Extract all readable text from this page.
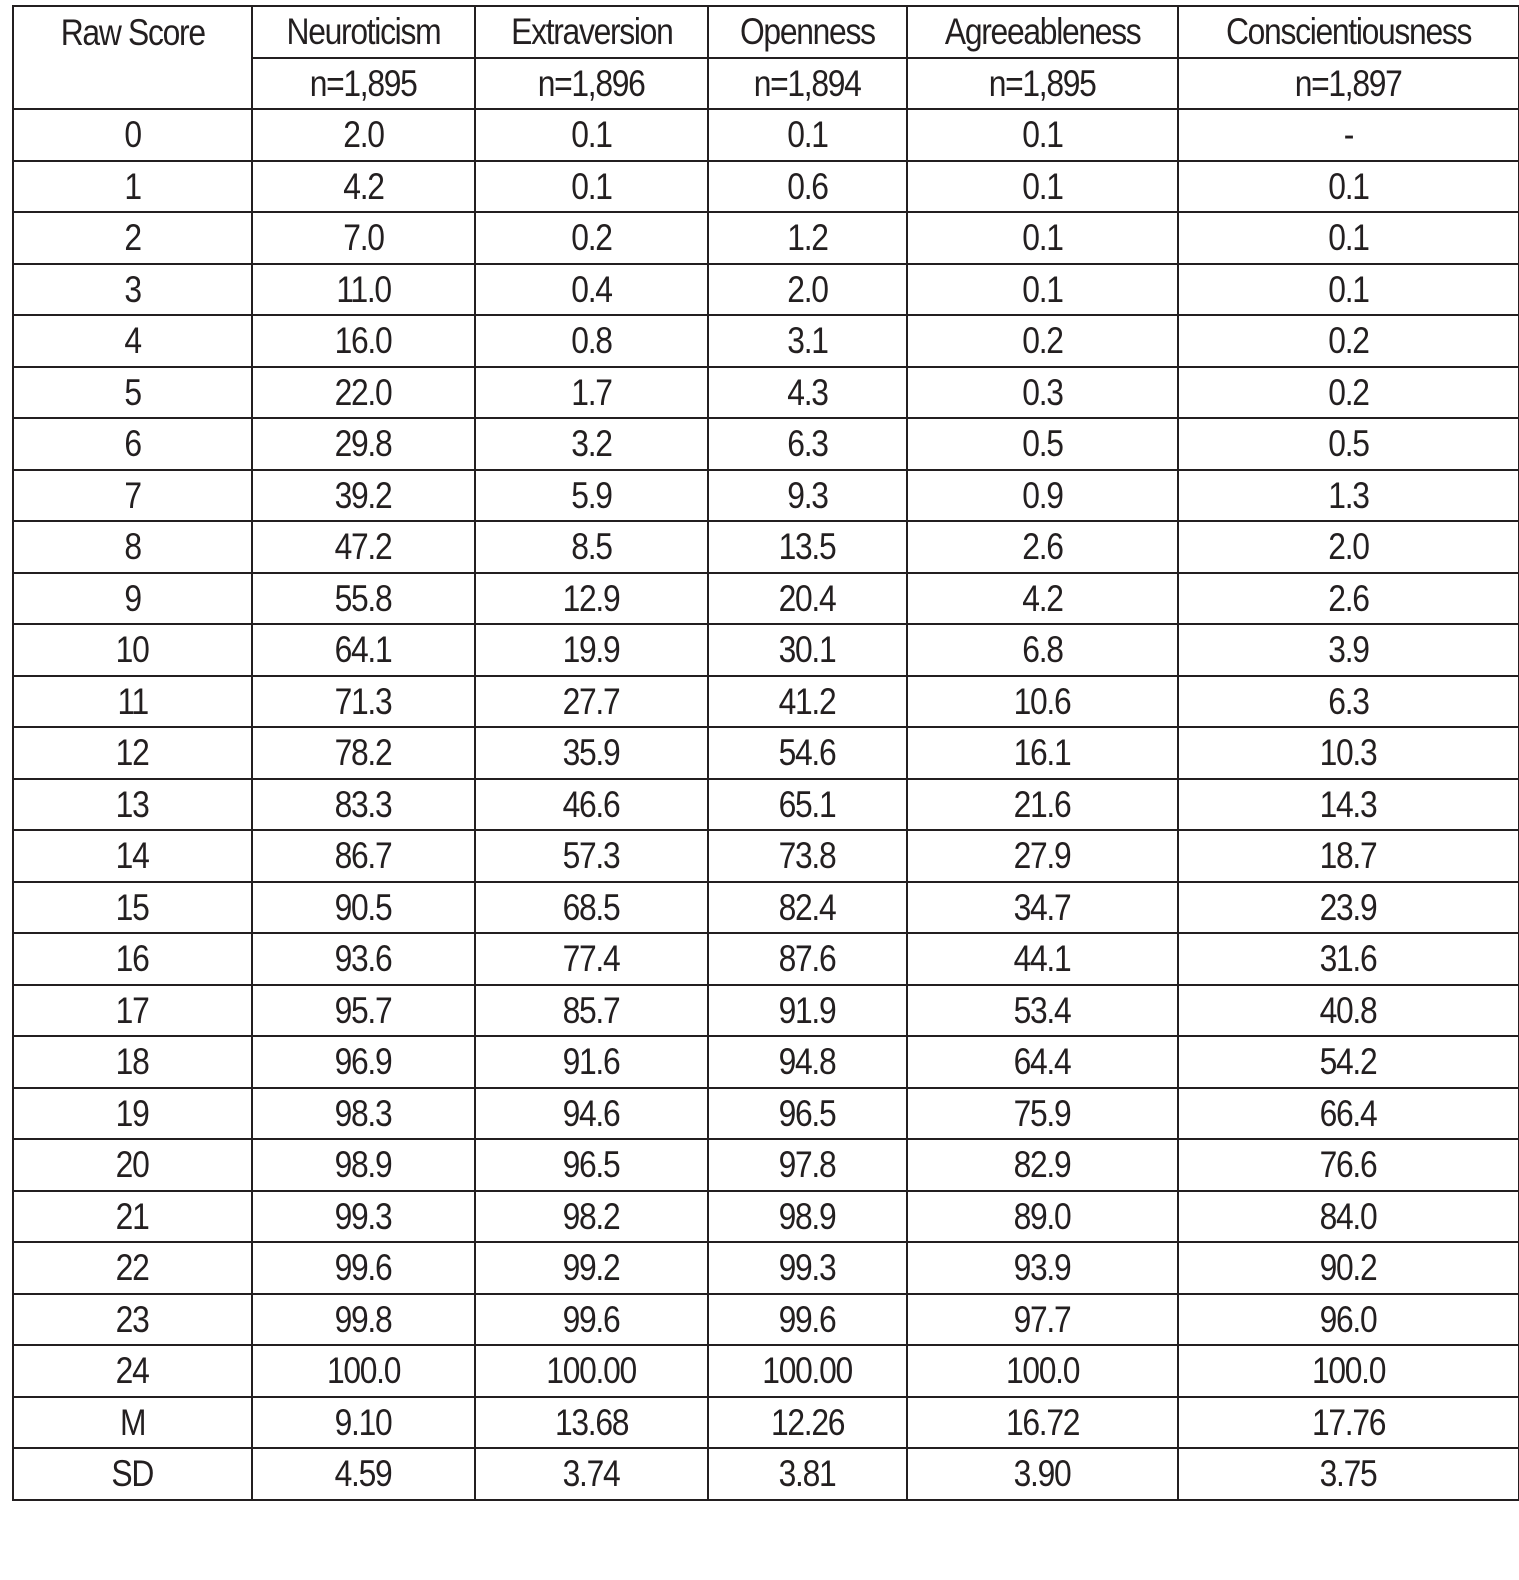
Raw Score	Neuroticism	Extraversion	Openness	Agreeableness	Conscientiousness
	n=1,895	n=1,896	n=1,894	n=1,895	n=1,897
0	2.0	0.1	0.1	0.1	-
1	4.2	0.1	0.6	0.1	0.1
2	7.0	0.2	1.2	0.1	0.1
3	11.0	0.4	2.0	0.1	0.1
4	16.0	0.8	3.1	0.2	0.2
5	22.0	1.7	4.3	0.3	0.2
6	29.8	3.2	6.3	0.5	0.5
7	39.2	5.9	9.3	0.9	1.3
8	47.2	8.5	13.5	2.6	2.0
9	55.8	12.9	20.4	4.2	2.6
10	64.1	19.9	30.1	6.8	3.9
11	71.3	27.7	41.2	10.6	6.3
12	78.2	35.9	54.6	16.1	10.3
13	83.3	46.6	65.1	21.6	14.3
14	86.7	57.3	73.8	27.9	18.7
15	90.5	68.5	82.4	34.7	23.9
16	93.6	77.4	87.6	44.1	31.6
17	95.7	85.7	91.9	53.4	40.8
18	96.9	91.6	94.8	64.4	54.2
19	98.3	94.6	96.5	75.9	66.4
20	98.9	96.5	97.8	82.9	76.6
21	99.3	98.2	98.9	89.0	84.0
22	99.6	99.2	99.3	93.9	90.2
23	99.8	99.6	99.6	97.7	96.0
24	100.0	100.00	100.00	100.0	100.0
M	9.10	13.68	12.26	16.72	17.76
SD	4.59	3.74	3.81	3.90	3.75
